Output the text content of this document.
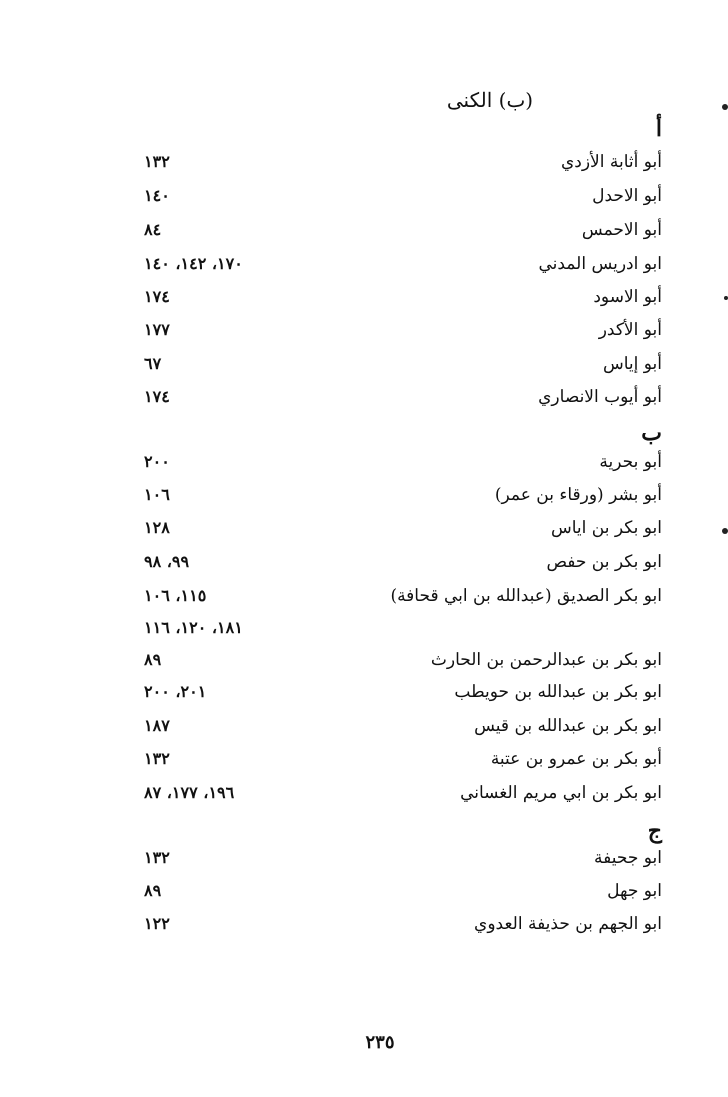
(ب) الكنى
أ
أبو أثابة الأزدي
١٣٢
أبو الاحدل
١٤٠
أبو الاحمس
٨٤
ابو ادريس المدني
١٧٠، ١٤٢، ١٤٠
أبو الاسود
١٧٤
أبو الأكدر
١٧٧
أبو إياس
٦٧
أبو أيوب الانصاري
١٧٤
ب
أبو بحرية
٢٠٠
أبو بشر (ورقاء بن عمر)
١٠٦
ابو بكر بن اياس
١٢٨
ابو بكر بن حفص
٩٩، ٩٨
ابو بكر الصديق (عبدالله بن ابي قحافة)
١١٥، ١٠٦
١٨١، ١٢٠، ١١٦
ابو بكر بن عبدالرحمن بن الحارث
٨٩
ابو بكر بن عبدالله بن حويطب
٢٠١، ٢٠٠
ابو بكر بن عبدالله بن قيس
١٨٧
أبو بكر بن عمرو بن عتبة
١٣٢
ابو بكر بن ابي مريم الغساني
١٩٦، ١٧٧، ٨٧
ج
ابو جحيفة
١٣٢
ابو جهل
٨٩
ابو الجهم بن حذيفة العدوي
١٢٢
٢٣٥
